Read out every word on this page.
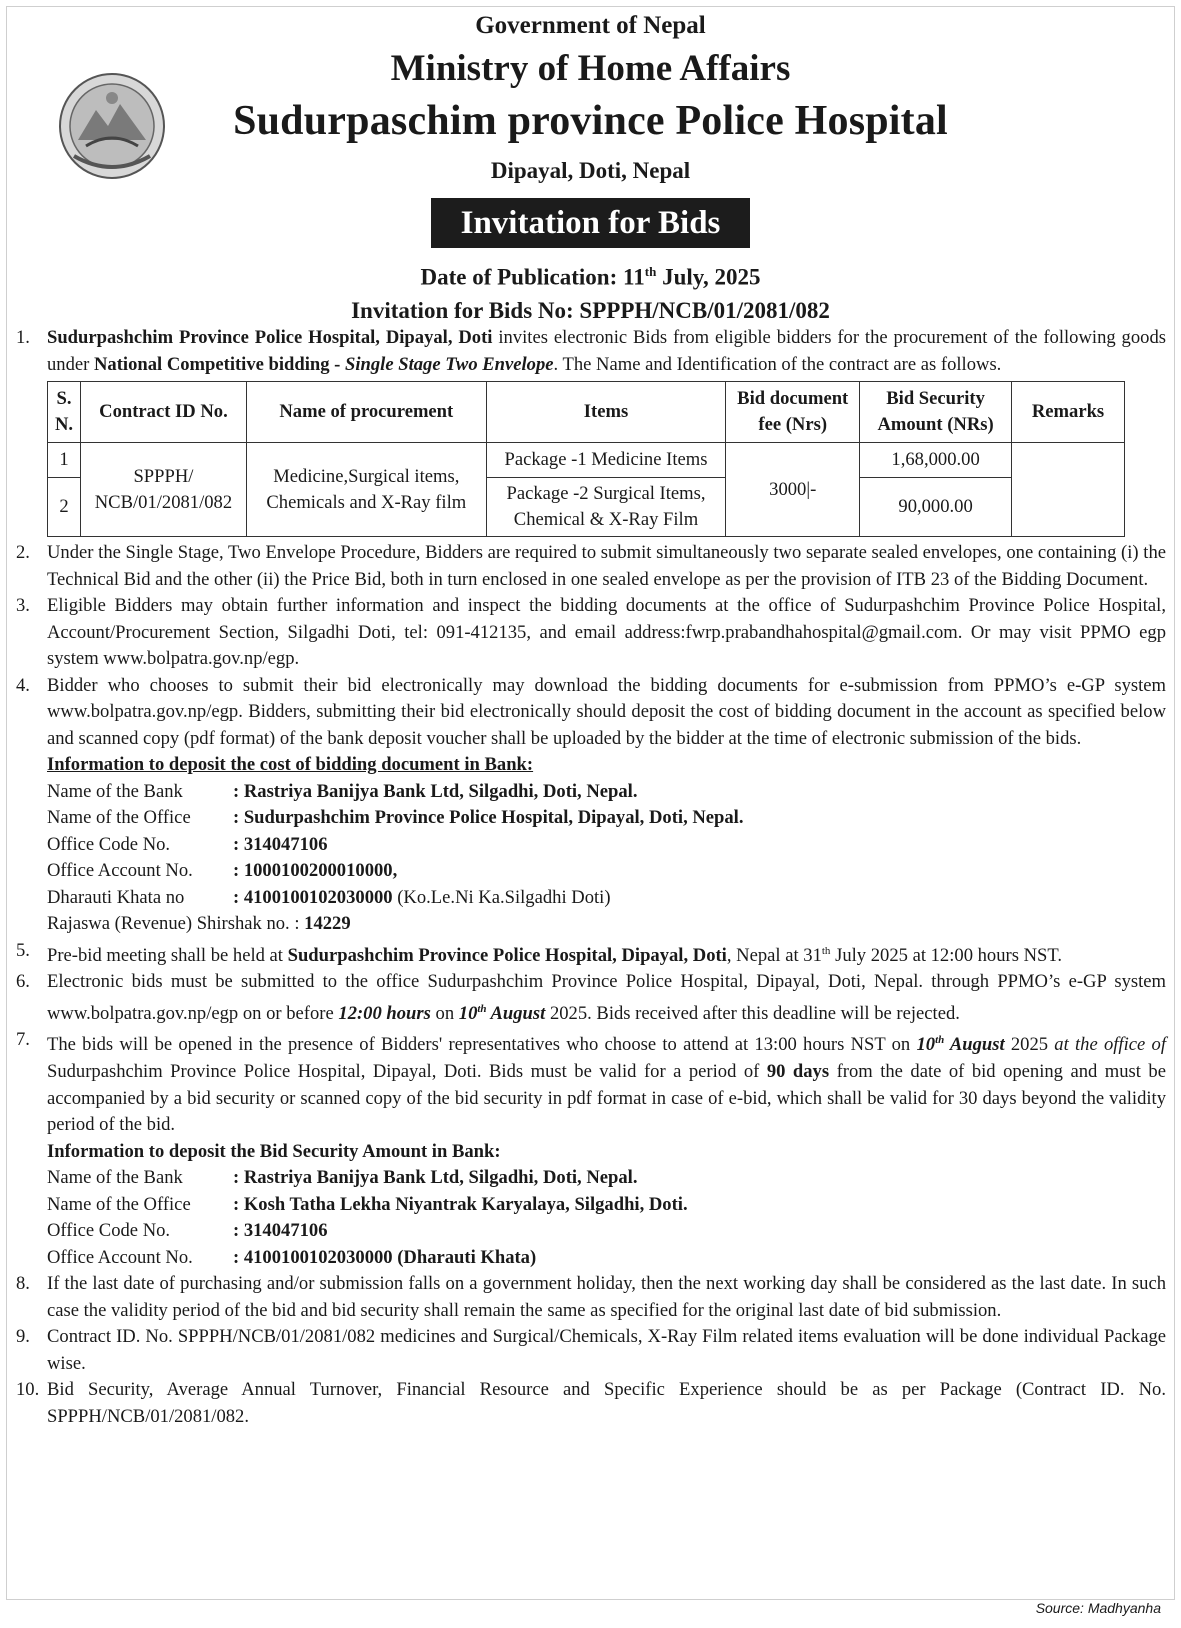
Government of Nepal
Ministry of Home Affairs
Sudurpaschim province Police Hospital
Dipayal, Doti, Nepal
Invitation for Bids
Date of Publication: 11th July, 2025
Invitation for Bids No: SPPPH/NCB/01/2081/082
1. Sudurpashchim Province Police Hospital, Dipayal, Doti invites electronic Bids from eligible bidders for the procurement of the following goods under National Competitive bidding - Single Stage Two Envelope. The Name and Identification of the contract are as follows.
S. N.	Contract ID No.	Name of procurement	Items	Bid document fee (Nrs)	Bid Security Amount (NRs)	Remarks
1	SPPPH/ NCB/01/2081/082	Medicine,Surgical items, Chemicals and X-Ray film	Package -1 Medicine Items	3000|-	1,68,000.00	
2			Package -2 Surgical Items, Chemical & X-Ray Film		90,000.00	
2. Under the Single Stage, Two Envelope Procedure, Bidders are required to submit simultaneously two separate sealed envelopes, one containing (i) the Technical Bid and the other (ii) the Price Bid, both in turn enclosed in one sealed envelope as per the provision of ITB 23 of the Bidding Document.
3. Eligible Bidders may obtain further information and inspect the bidding documents at the office of Sudurpashchim Province Police Hospital, Account/Procurement Section, Silgadhi Doti, tel: 091-412135, and email address:fwrp.prabandhahospital@gmail.com. Or may visit PPMO egp system www.bolpatra.gov.np/egp.
4. Bidder who chooses to submit their bid electronically may download the bidding documents for e-submission from PPMO’s e-GP system www.bolpatra.gov.np/egp. Bidders, submitting their bid electronically should deposit the cost of bidding document in the account as specified below and scanned copy (pdf format) of the bank deposit voucher shall be uploaded by the bidder at the time of electronic submission of the bids.
Information to deposit the cost of bidding document in Bank:
Name of the Bank	: Rastriya Banijya Bank Ltd, Silgadhi, Doti, Nepal.
Name of the Office	: Sudurpashchim Province Police Hospital, Dipayal, Doti, Nepal.
Office Code No.	: 314047106
Office Account No.	: 1000100200010000,
Dharauti Khata no	: 4100100102030000 (Ko.Le.Ni Ka.Silgadhi Doti)
Rajaswa (Revenue) Shirshak no. : 14229
5. Pre-bid meeting shall be held at Sudurpashchim Province Police Hospital, Dipayal, Doti, Nepal at 31th July 2025 at 12:00 hours NST.
6. Electronic bids must be submitted to the office Sudurpashchim Province Police Hospital, Dipayal, Doti, Nepal. through PPMO’s e-GP system www.bolpatra.gov.np/egp on or before 12:00 hours on 10th August 2025. Bids received after this deadline will be rejected.
7. The bids will be opened in the presence of Bidders' representatives who choose to attend at 13:00 hours NST on 10th August 2025 at the office of Sudurpashchim Province Police Hospital, Dipayal, Doti. Bids must be valid for a period of 90 days from the date of bid opening and must be accompanied by a bid security or scanned copy of the bid security in pdf format in case of e-bid, which shall be valid for 30 days beyond the validity period of the bid.
Information to deposit the Bid Security Amount in Bank:
Name of the Bank	: Rastriya Banijya Bank Ltd, Silgadhi, Doti, Nepal.
Name of the Office	: Kosh Tatha Lekha Niyantrak Karyalaya, Silgadhi, Doti.
Office Code No.	: 314047106
Office Account No.	: 4100100102030000 (Dharauti Khata)
8. If the last date of purchasing and/or submission falls on a government holiday, then the next working day shall be considered as the last date. In such case the validity period of the bid and bid security shall remain the same as specified for the original last date of bid submission.
9. Contract ID. No. SPPPH/NCB/01/2081/082 medicines and Surgical/Chemicals, X-Ray Film related items evaluation will be done individual Package wise.
10. Bid Security, Average Annual Turnover, Financial Resource and Specific Experience should be as per Package (Contract ID. No. SPPPH/NCB/01/2081/082.
Source: Madhyanha
